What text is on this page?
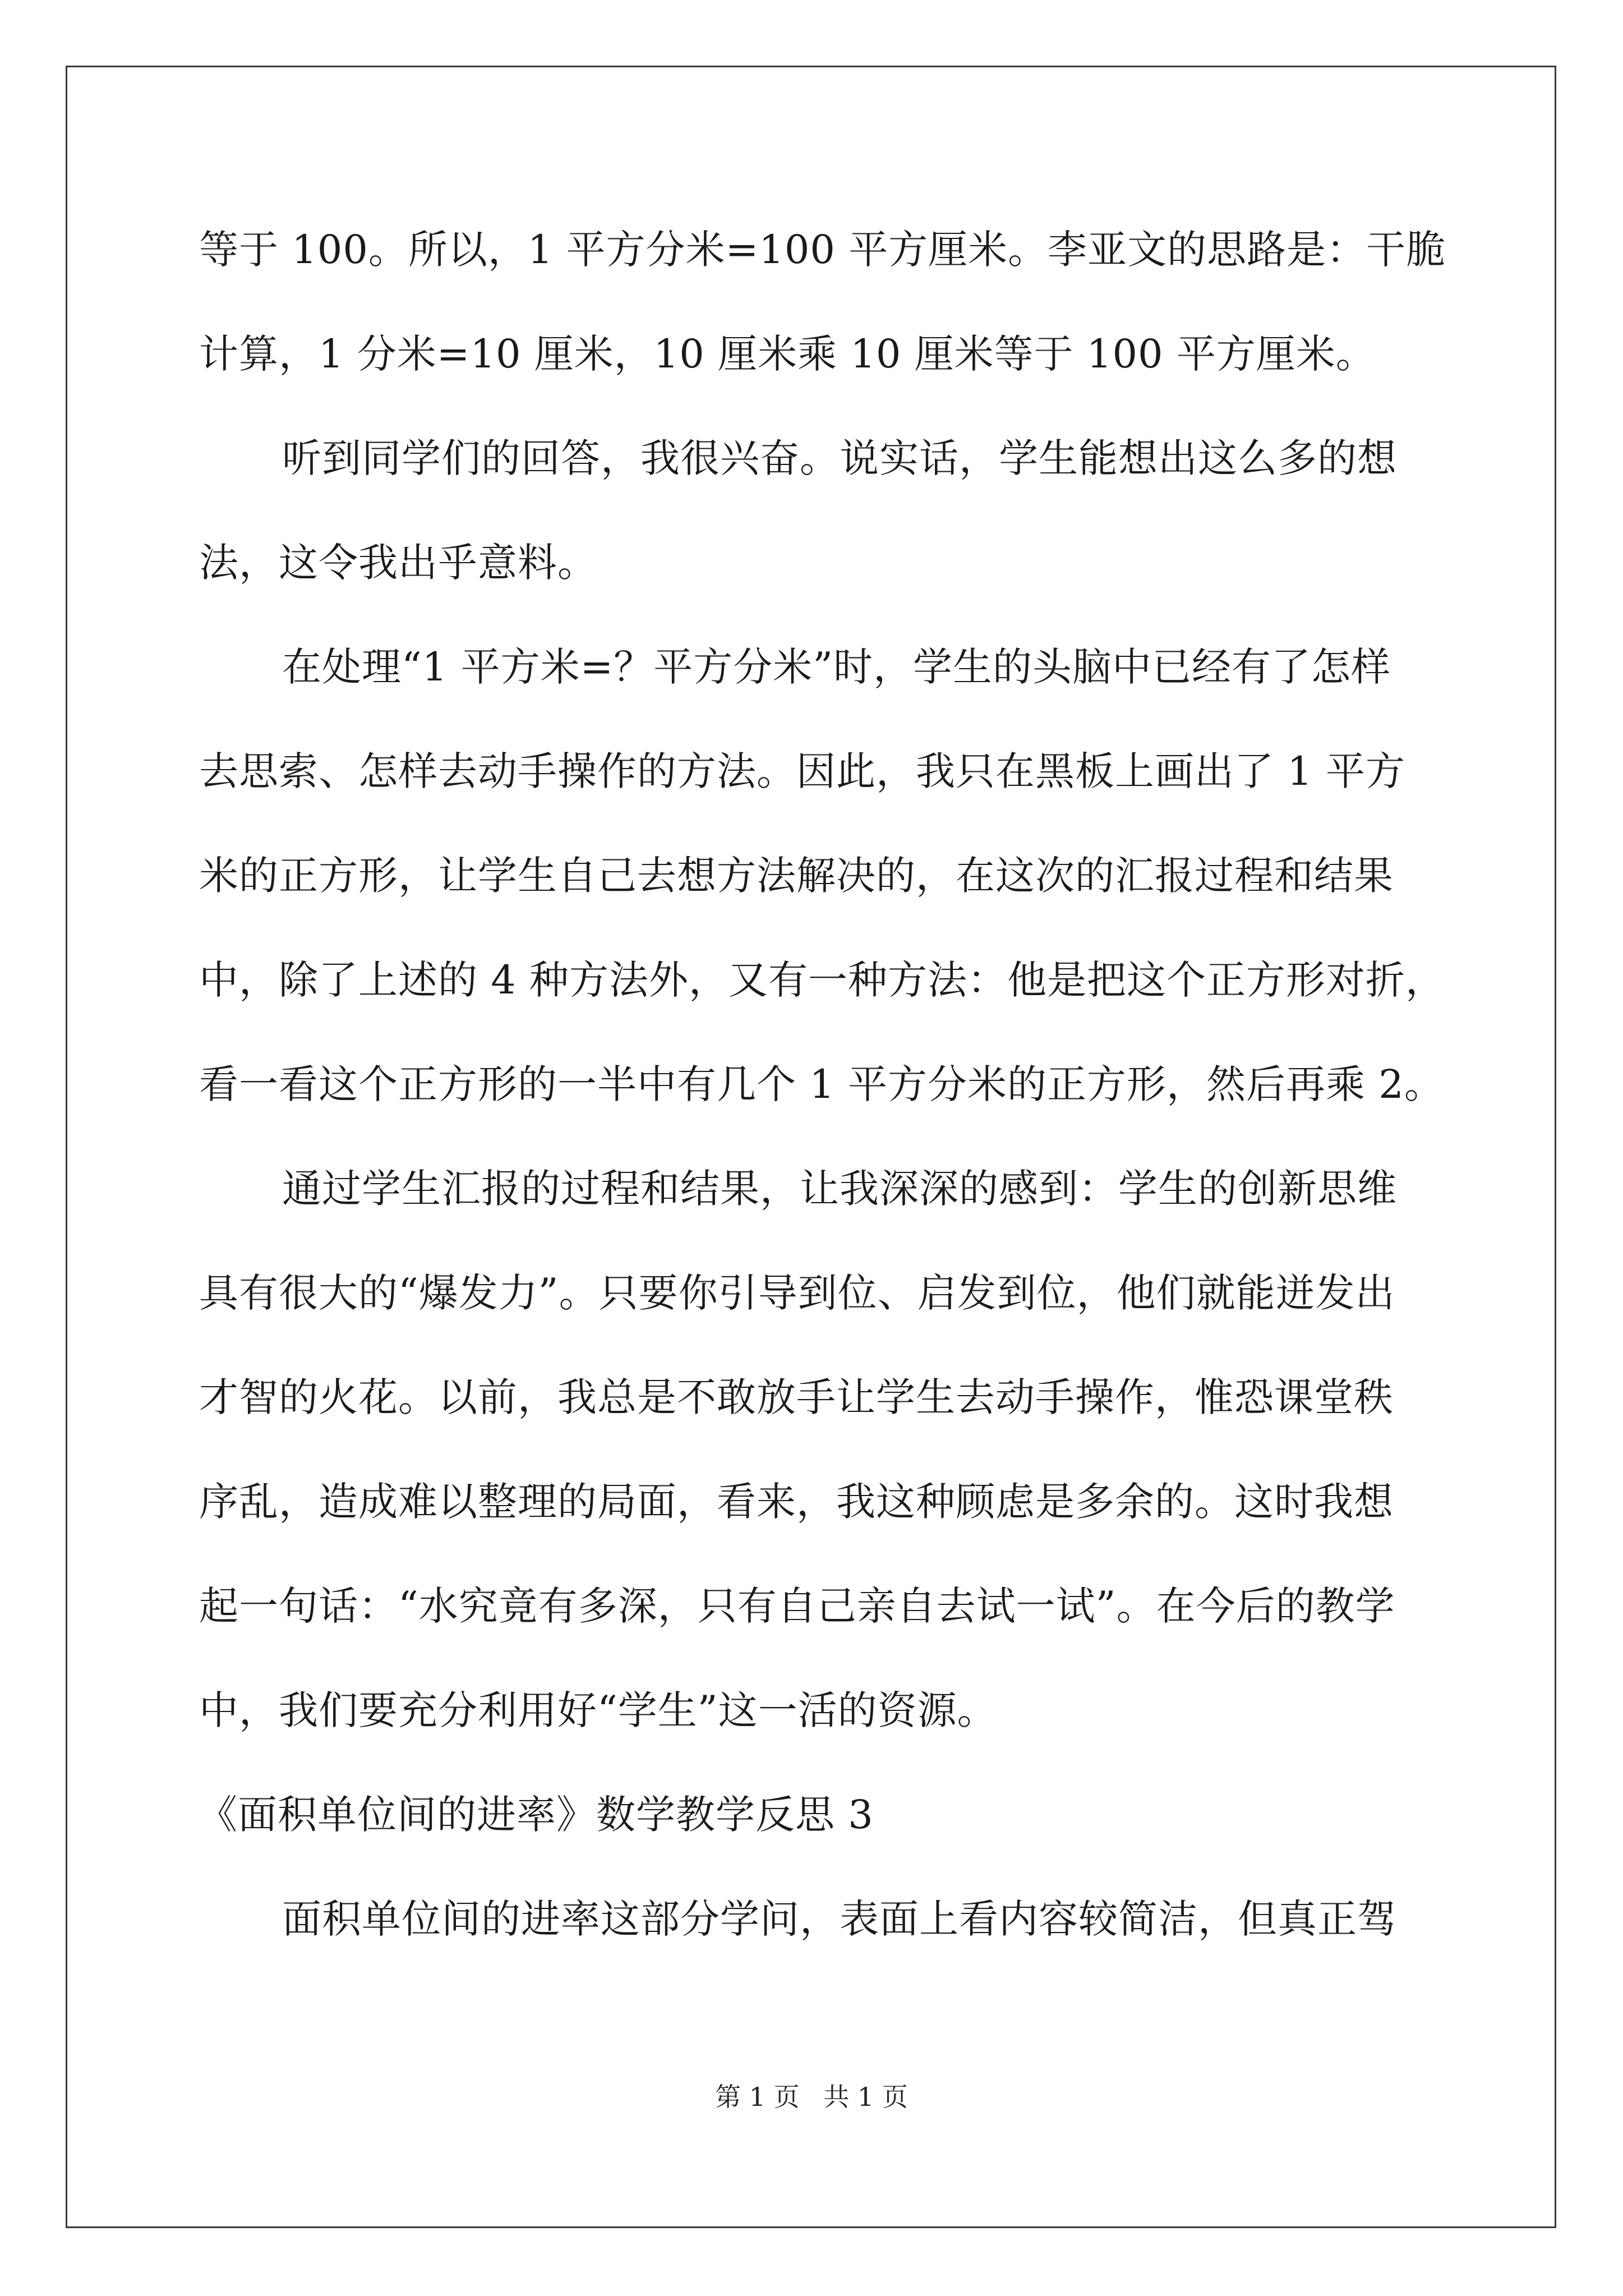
等于 100。所以，1 平方分米=100 平方厘米。李亚文的思路是：干脆
计算，1 分米=10 厘米，10 厘米乘 10 厘米等于 100 平方厘米。
听到同学们的回答，我很兴奋。说实话，学生能想出这么多的想
法，这令我出乎意料。
在处理“1 平方米=？平方分米”时，学生的头脑中已经有了怎样
去思索、怎样去动手操作的方法。因此，我只在黑板上画出了 1 平方
米的正方形，让学生自己去想方法解决的，在这次的汇报过程和结果
中，除了上述的 4 种方法外，又有一种方法：他是把这个正方形对折，
看一看这个正方形的一半中有几个 1 平方分米的正方形，然后再乘 2。
通过学生汇报的过程和结果，让我深深的感到：学生的创新思维
具有很大的“爆发力”。只要你引导到位、启发到位，他们就能迸发出
才智的火花。以前，我总是不敢放手让学生去动手操作，惟恐课堂秩
序乱，造成难以整理的局面，看来，我这种顾虑是多余的。这时我想
起一句话：“水究竟有多深，只有自己亲自去试一试”。在今后的教学
中，我们要充分利用好“学生”这一活的资源。
《面积单位间的进率》数学教学反思 3
面积单位间的进率这部分学问，表面上看内容较简洁，但真正驾
第 1 页 共 1 页
